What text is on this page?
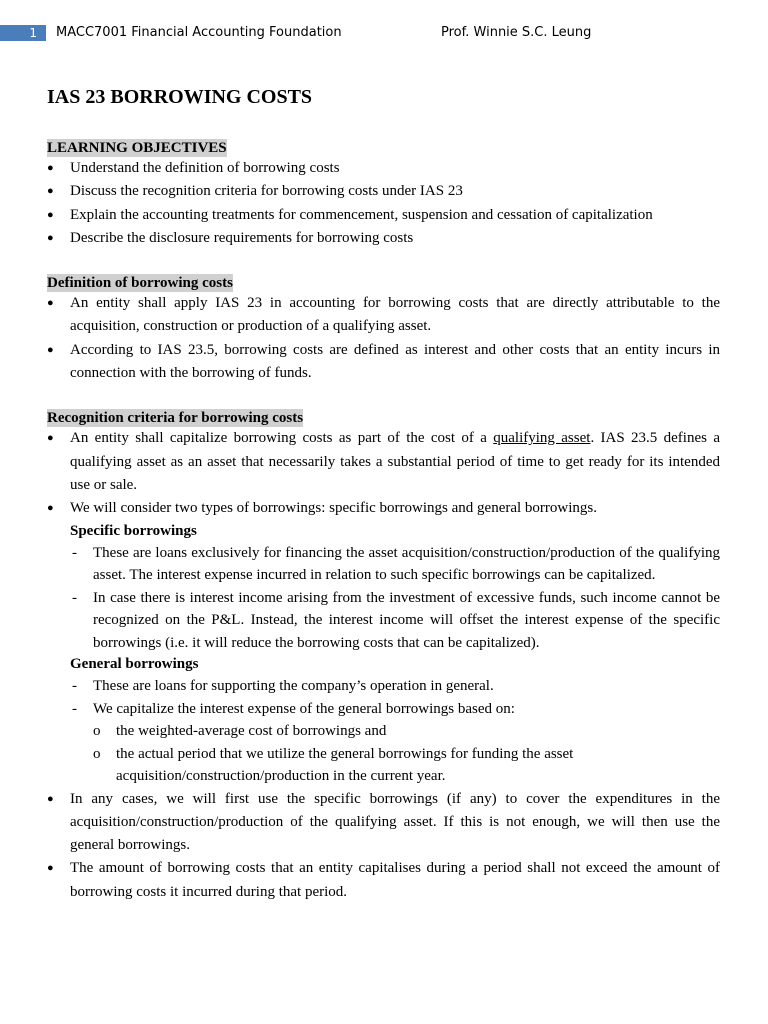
1	MACC7001 Financial Accounting Foundation	Prof. Winnie S.C. Leung
IAS 23 BORROWING COSTS
LEARNING OBJECTIVES
● Understand the definition of borrowing costs
● Discuss the recognition criteria for borrowing costs under IAS 23
● Explain the accounting treatments for commencement, suspension and cessation of capitalization
● Describe the disclosure requirements for borrowing costs
Definition of borrowing costs
● An entity shall apply IAS 23 in accounting for borrowing costs that are directly attributable to the acquisition, construction or production of a qualifying asset.
● According to IAS 23.5, borrowing costs are defined as interest and other costs that an entity incurs in connection with the borrowing of funds.
Recognition criteria for borrowing costs
● An entity shall capitalize borrowing costs as part of the cost of a qualifying asset. IAS 23.5 defines a qualifying asset as an asset that necessarily takes a substantial period of time to get ready for its intended use or sale.
● We will consider two types of borrowings: specific borrowings and general borrowings.
Specific borrowings
- These are loans exclusively for financing the asset acquisition/construction/production of the qualifying asset. The interest expense incurred in relation to such specific borrowings can be capitalized.
- In case there is interest income arising from the investment of excessive funds, such income cannot be recognized on the P&L. Instead, the interest income will offset the interest expense of the specific borrowings (i.e. it will reduce the borrowing costs that can be capitalized).
General borrowings
- These are loans for supporting the company’s operation in general.
- We capitalize the interest expense of the general borrowings based on:
o the weighted-average cost of borrowings and
o the actual period that we utilize the general borrowings for funding the asset acquisition/construction/production in the current year.
● In any cases, we will first use the specific borrowings (if any) to cover the expenditures in the acquisition/construction/production of the qualifying asset. If this is not enough, we will then use the general borrowings.
● The amount of borrowing costs that an entity capitalises during a period shall not exceed the amount of borrowing costs it incurred during that period.
